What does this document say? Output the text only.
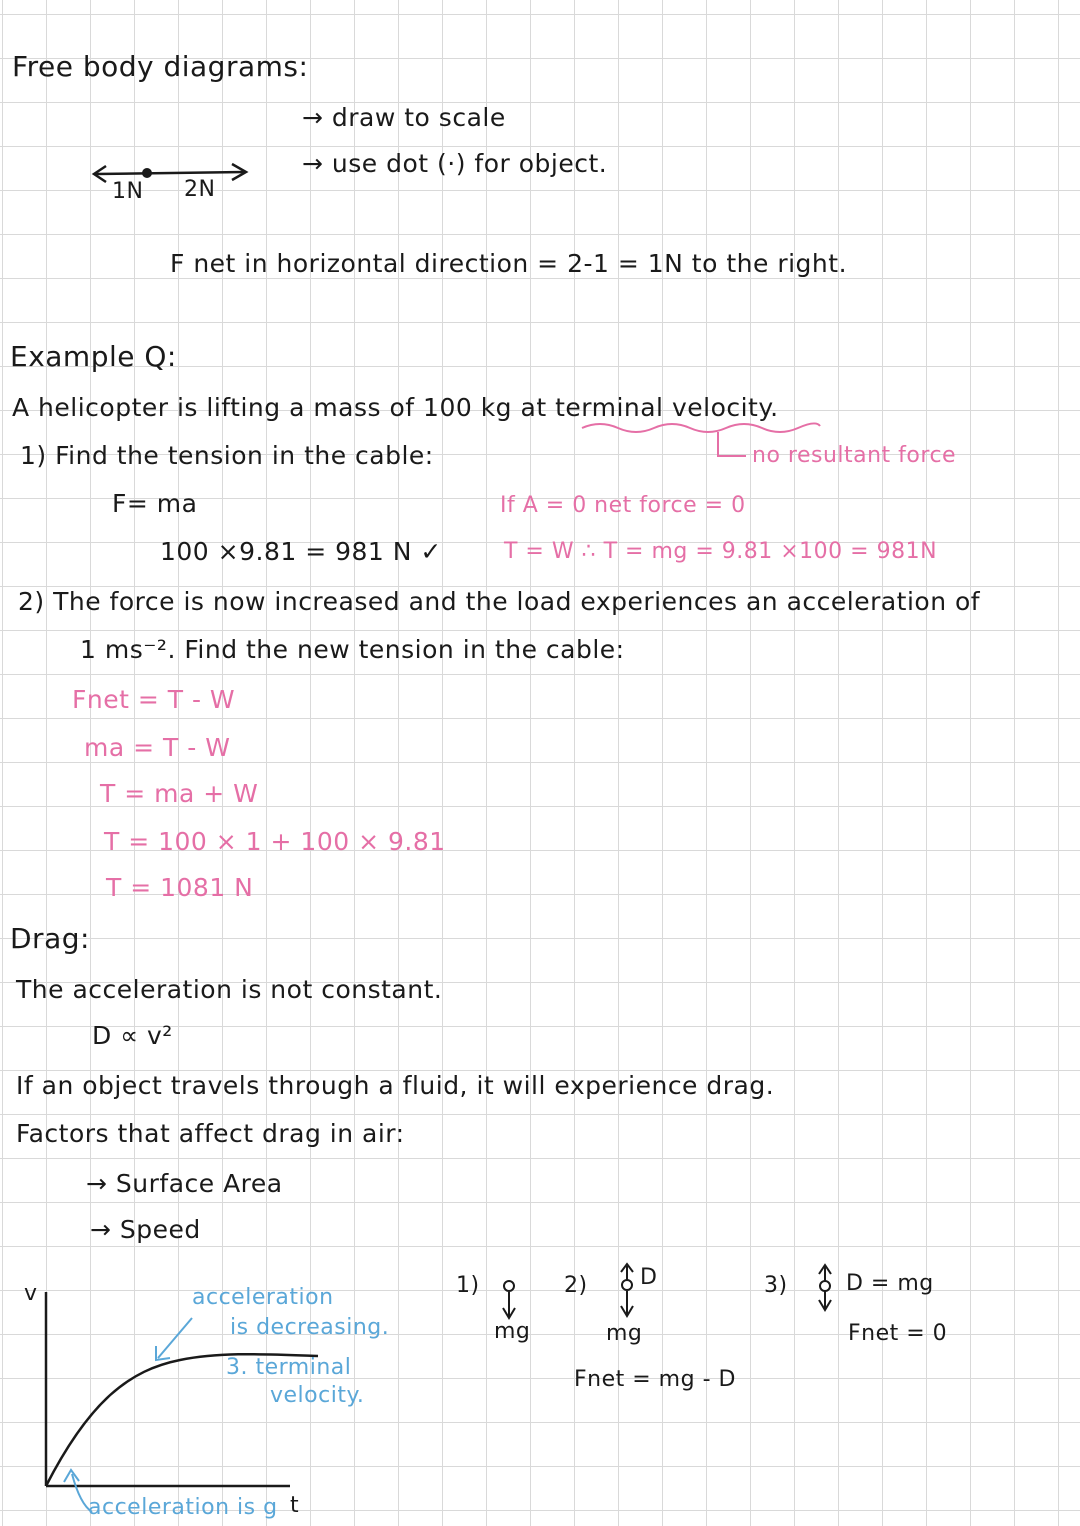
Free body diagrams:
→ draw to scale
→ use dot (·) for object.
1N 2N
F net in horizontal direction = 2-1 = 1N to the right.
Example Q:
A helicopter is lifting a mass of 100 kg at terminal velocity.
no resultant force
1) Find the tension in the cable:
F= ma
100 ×9.81 = 981 N ✓
If A = 0 net force = 0
T = W ∴ T = mg = 9.81 ×100 = 981N
2) The force is now increased and the load experiences an acceleration of
1 ms⁻². Find the new tension in the cable:
Fnet = T - W
ma = T - W
T = ma + W
T = 100 × 1 + 100 × 9.81
T = 1081 N
Drag:
The acceleration is not constant.
D ∝ v²
If an object travels through a fluid, it will experience drag.
Factors that affect drag in air:
→ Surface Area
→ Speed
v
t
acceleration
is decreasing.
3. terminal
velocity.
acceleration is g
1)
mg
2) D
mg
Fnet = mg - D
3)	D = mg
Fnet = 0
